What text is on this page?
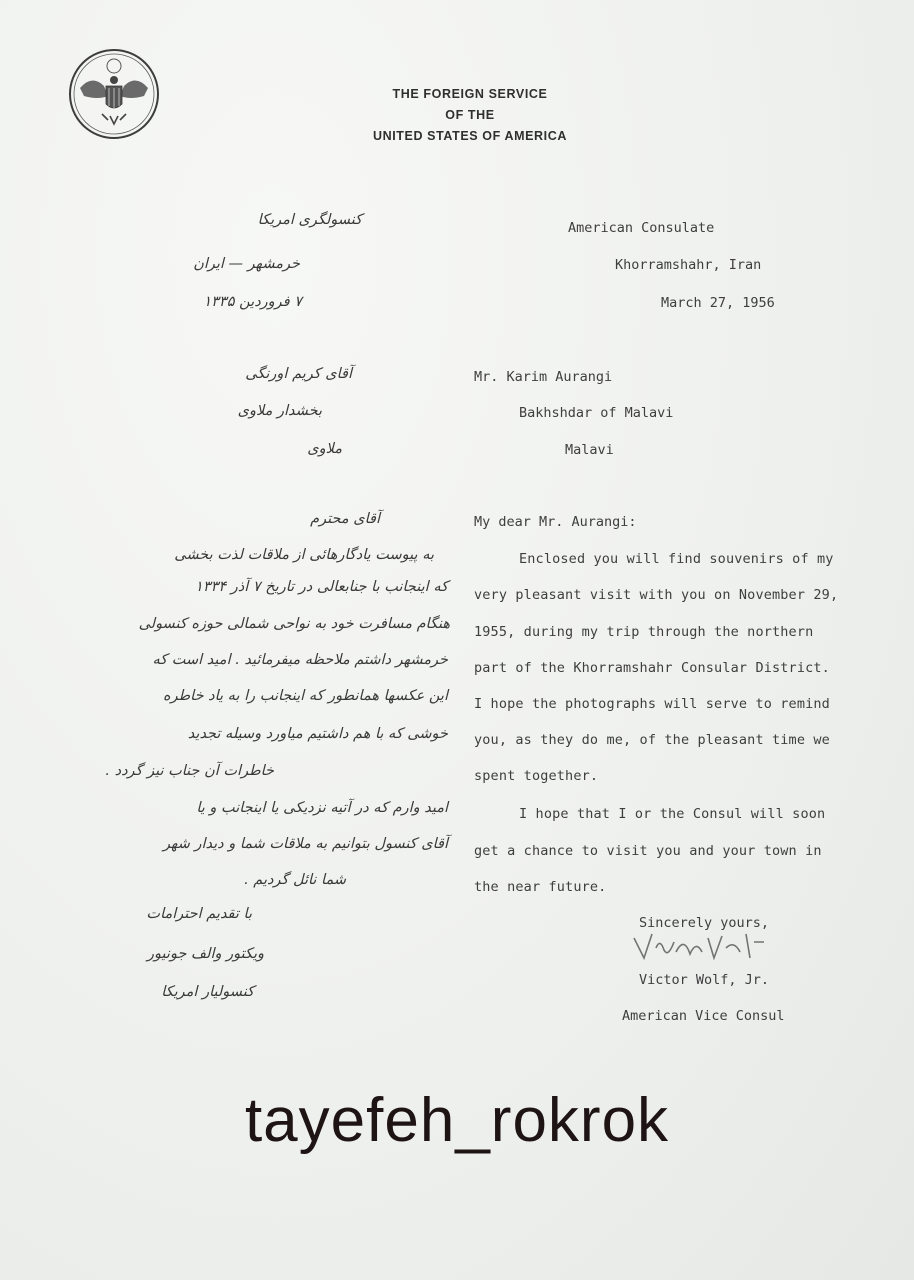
THE FOREIGN SERVICE
OF THE
UNITED STATES OF AMERICA
American Consulate
Khorramshahr, Iran
March 27, 1956
کنسولگری امریکا
خرمشهر — ایران
۷ فروردین ۱۳۳۵
Mr. Karim Aurangi
Bakhshdar of Malavi
Malavi
آقای کریم اورنگی
بخشدار ملاوی
ملاوی
My dear Mr. Aurangi:
آقای محترم
Enclosed you will find souvenirs of my
very pleasant visit with you on November 29,
1955, during my trip through the northern
part of the Khorramshahr Consular District.
I hope the photographs will serve to remind
you, as they do me, of the pleasant time we
spent together.
I hope that I or the Consul will soon
get a chance to visit you and your town in
the near future.
به پیوست یادگارهائی از ملاقات لذت بخشی
که اینجانب با جنابعالی در تاریخ ۷ آذر ۱۳۳۴
هنگام مسافرت خود به نواحی شمالی حوزه کنسولی
خرمشهر داشتم ملاحظه میفرمائید . امید است که
این عکسها همانطور که اینجانب را به یاد خاطره
خوشی که با هم داشتیم میاورد وسیله تجدید
خاطرات آن جناب نیز گردد .
امید وارم که در آتیه نزدیکی یا اینجانب و یا
آقای کنسول بتوانیم به ملاقات شما و دیدار شهر
شما نائل گردیم .
با تقدیم احترامات
ویکتور والف جونیور
کنسولیار امریکا
Sincerely yours,
Victor Wolf, Jr.
American Vice Consul
tayefeh_rokrok
